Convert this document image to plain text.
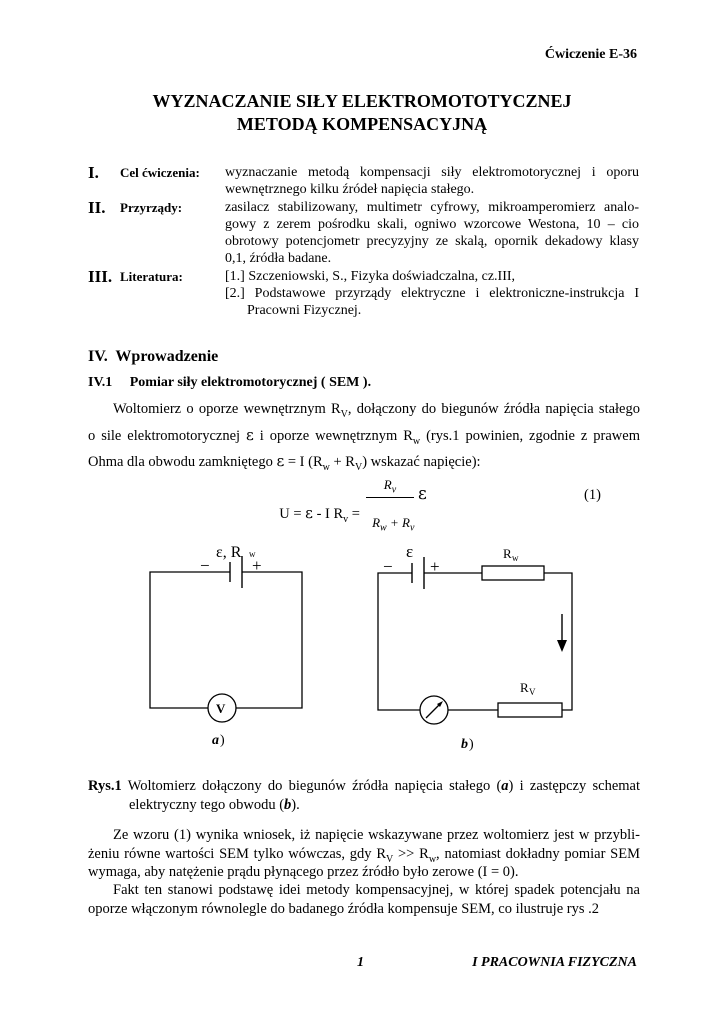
Ćwiczenie E-36
WYZNACZANIE SIŁY ELEKTROMOTOTYCZNEJ
METODĄ KOMPENSACYJNĄ
I. Cel ćwiczenia: wyznaczanie metodą kompensacji siły elektromotorycznej i oporu
wewnętrznego kilku źródeł napięcia stałego.
II. Przyrządy:	zasilacz stabilizowany, multimetr cyfrowy, mikroamperomierz analo-
gowy z zerem pośrodku skali, ogniwo wzorcowe Westona, 10 – cio
obrotowy potencjometr precyzyjny ze skalą, opornik dekadowy klasy
0,1, źródła badane.
III. Literatura:	[1.] Szczeniowski, S., Fizyka doświadczalna, cz.III,
[2.] Podstawowe przyrządy elektryczne i elektroniczne-instrukcja I
Pracowni Fizycznej.
IV.  Wprowadzenie
IV.1     Pomiar siły elektromotorycznej ( SEM ).
Woltomierz o oporze wewnętrznym $R_V$, dołączony do biegunów źródła napięcia stałego
o sile elektromotorycznej ε i oporze wewnętrznym $R_w$ (rys.1 powinien, zgodnie z prawem
Ohma dla obwodu zamkniętego ε = I $(R_w + R_V)$ wskazać napięcie):

U = ε - I $R_v$ =

$R_v$

$R_w + R_v$

ε	(1)
ε, R w
− +
V
a )
ε
− +
R w
R V
b )
Rys.1 Woltomierz dołączony do biegunów źródła napięcia stałego (a) i zastępczy schemat
elektryczny tego obwodu (b).
Ze wzoru (1) wynika wniosek, iż napięcie wskazywane przez woltomierz jest w przybli-
żeniu równe wartości SEM tylko wówczas, gdy $R_V >> R_w$, natomiast dokładny pomiar SEM
wymaga, aby natężenie prądu płynącego przez źródło było zerowe (I = 0).
Fakt ten stanowi podstawę idei metody kompensacyjnej, w której spadek potencjału na
oporze włączonym równolegle do badanego źródła kompensuje SEM, co ilustruje rys .2
1	I PRACOWNIA FIZYCZNA
